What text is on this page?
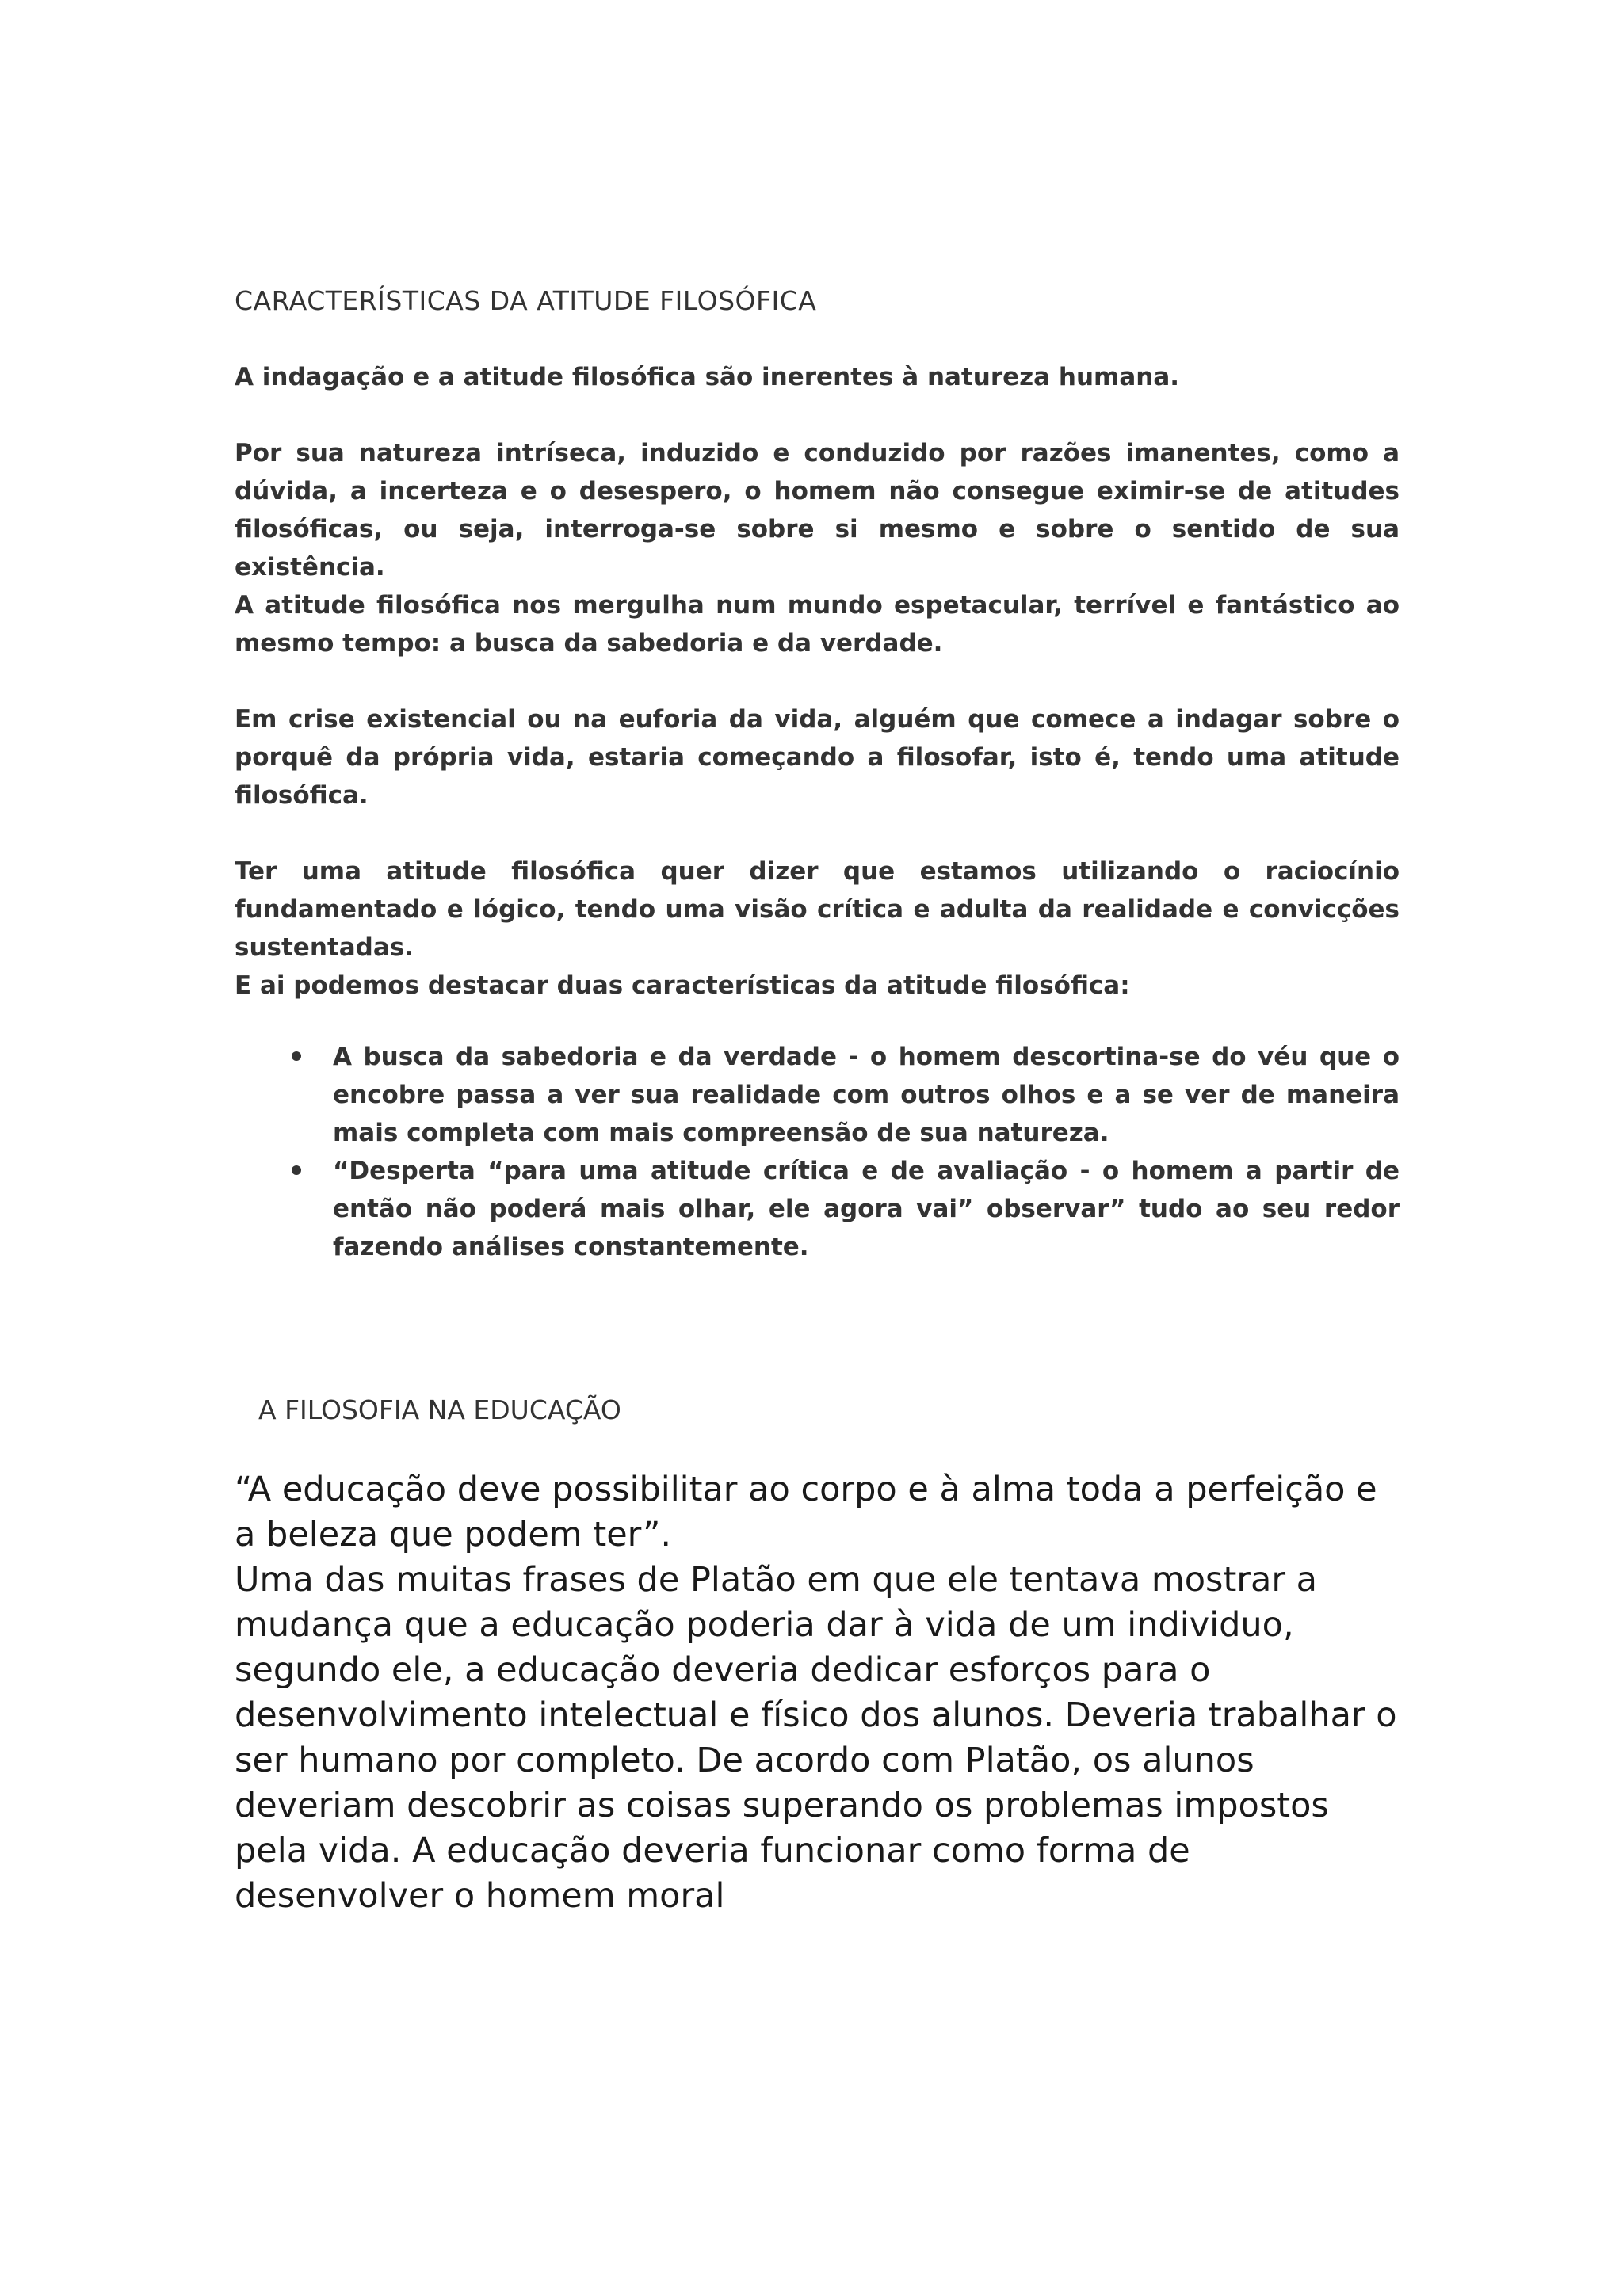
CARACTERÍSTICAS DA ATITUDE FILOSÓFICA

A indagação e a atitude filosófica são inerentes à natureza humana.

Por sua natureza intríseca, induzido e conduzido por razões imanentes, como a dúvida, a incerteza e o desespero, o homem não consegue eximir-se de atitudes filosóficas, ou seja, interroga-se sobre si mesmo e sobre o sentido de sua existência.

A atitude filosófica nos mergulha num mundo espetacular, terrível e fantástico ao mesmo tempo: a busca da sabedoria e da verdade.

Em crise existencial ou na euforia da vida, alguém que comece a indagar sobre o porquê da própria vida, estaria começando a filosofar, isto é, tendo uma atitude filosófica.

Ter uma atitude filosófica quer dizer que estamos utilizando o raciocínio fundamentado e lógico, tendo uma visão crítica e adulta da realidade e convicções sustentadas.

E ai podemos destacar duas características da atitude filosófica:

A busca da sabedoria e da verdade - o homem descortina-se do véu que o encobre passa a ver sua realidade com outros olhos e a se ver de maneira mais completa com mais compreensão de sua natureza.
“Desperta “para uma atitude crítica e de avaliação - o homem a partir de então não poderá mais olhar, ele agora vai” observar” tudo ao seu redor fazendo análises constantemente.
A FILOSOFIA NA EDUCAÇÃO
“A educação deve possibilitar ao corpo e à alma toda a perfeição e a beleza que podem ter”.
Uma das muitas frases de Platão em que ele tentava mostrar a mudança que a educação poderia dar à vida de um individuo, segundo ele, a educação deveria dedicar esforços para o desenvolvimento intelectual e físico dos alunos. Deveria trabalhar o ser humano por completo. De acordo com Platão, os alunos deveriam descobrir as coisas superando os problemas impostos pela vida. A educação deveria funcionar como forma de desenvolver o homem moral
